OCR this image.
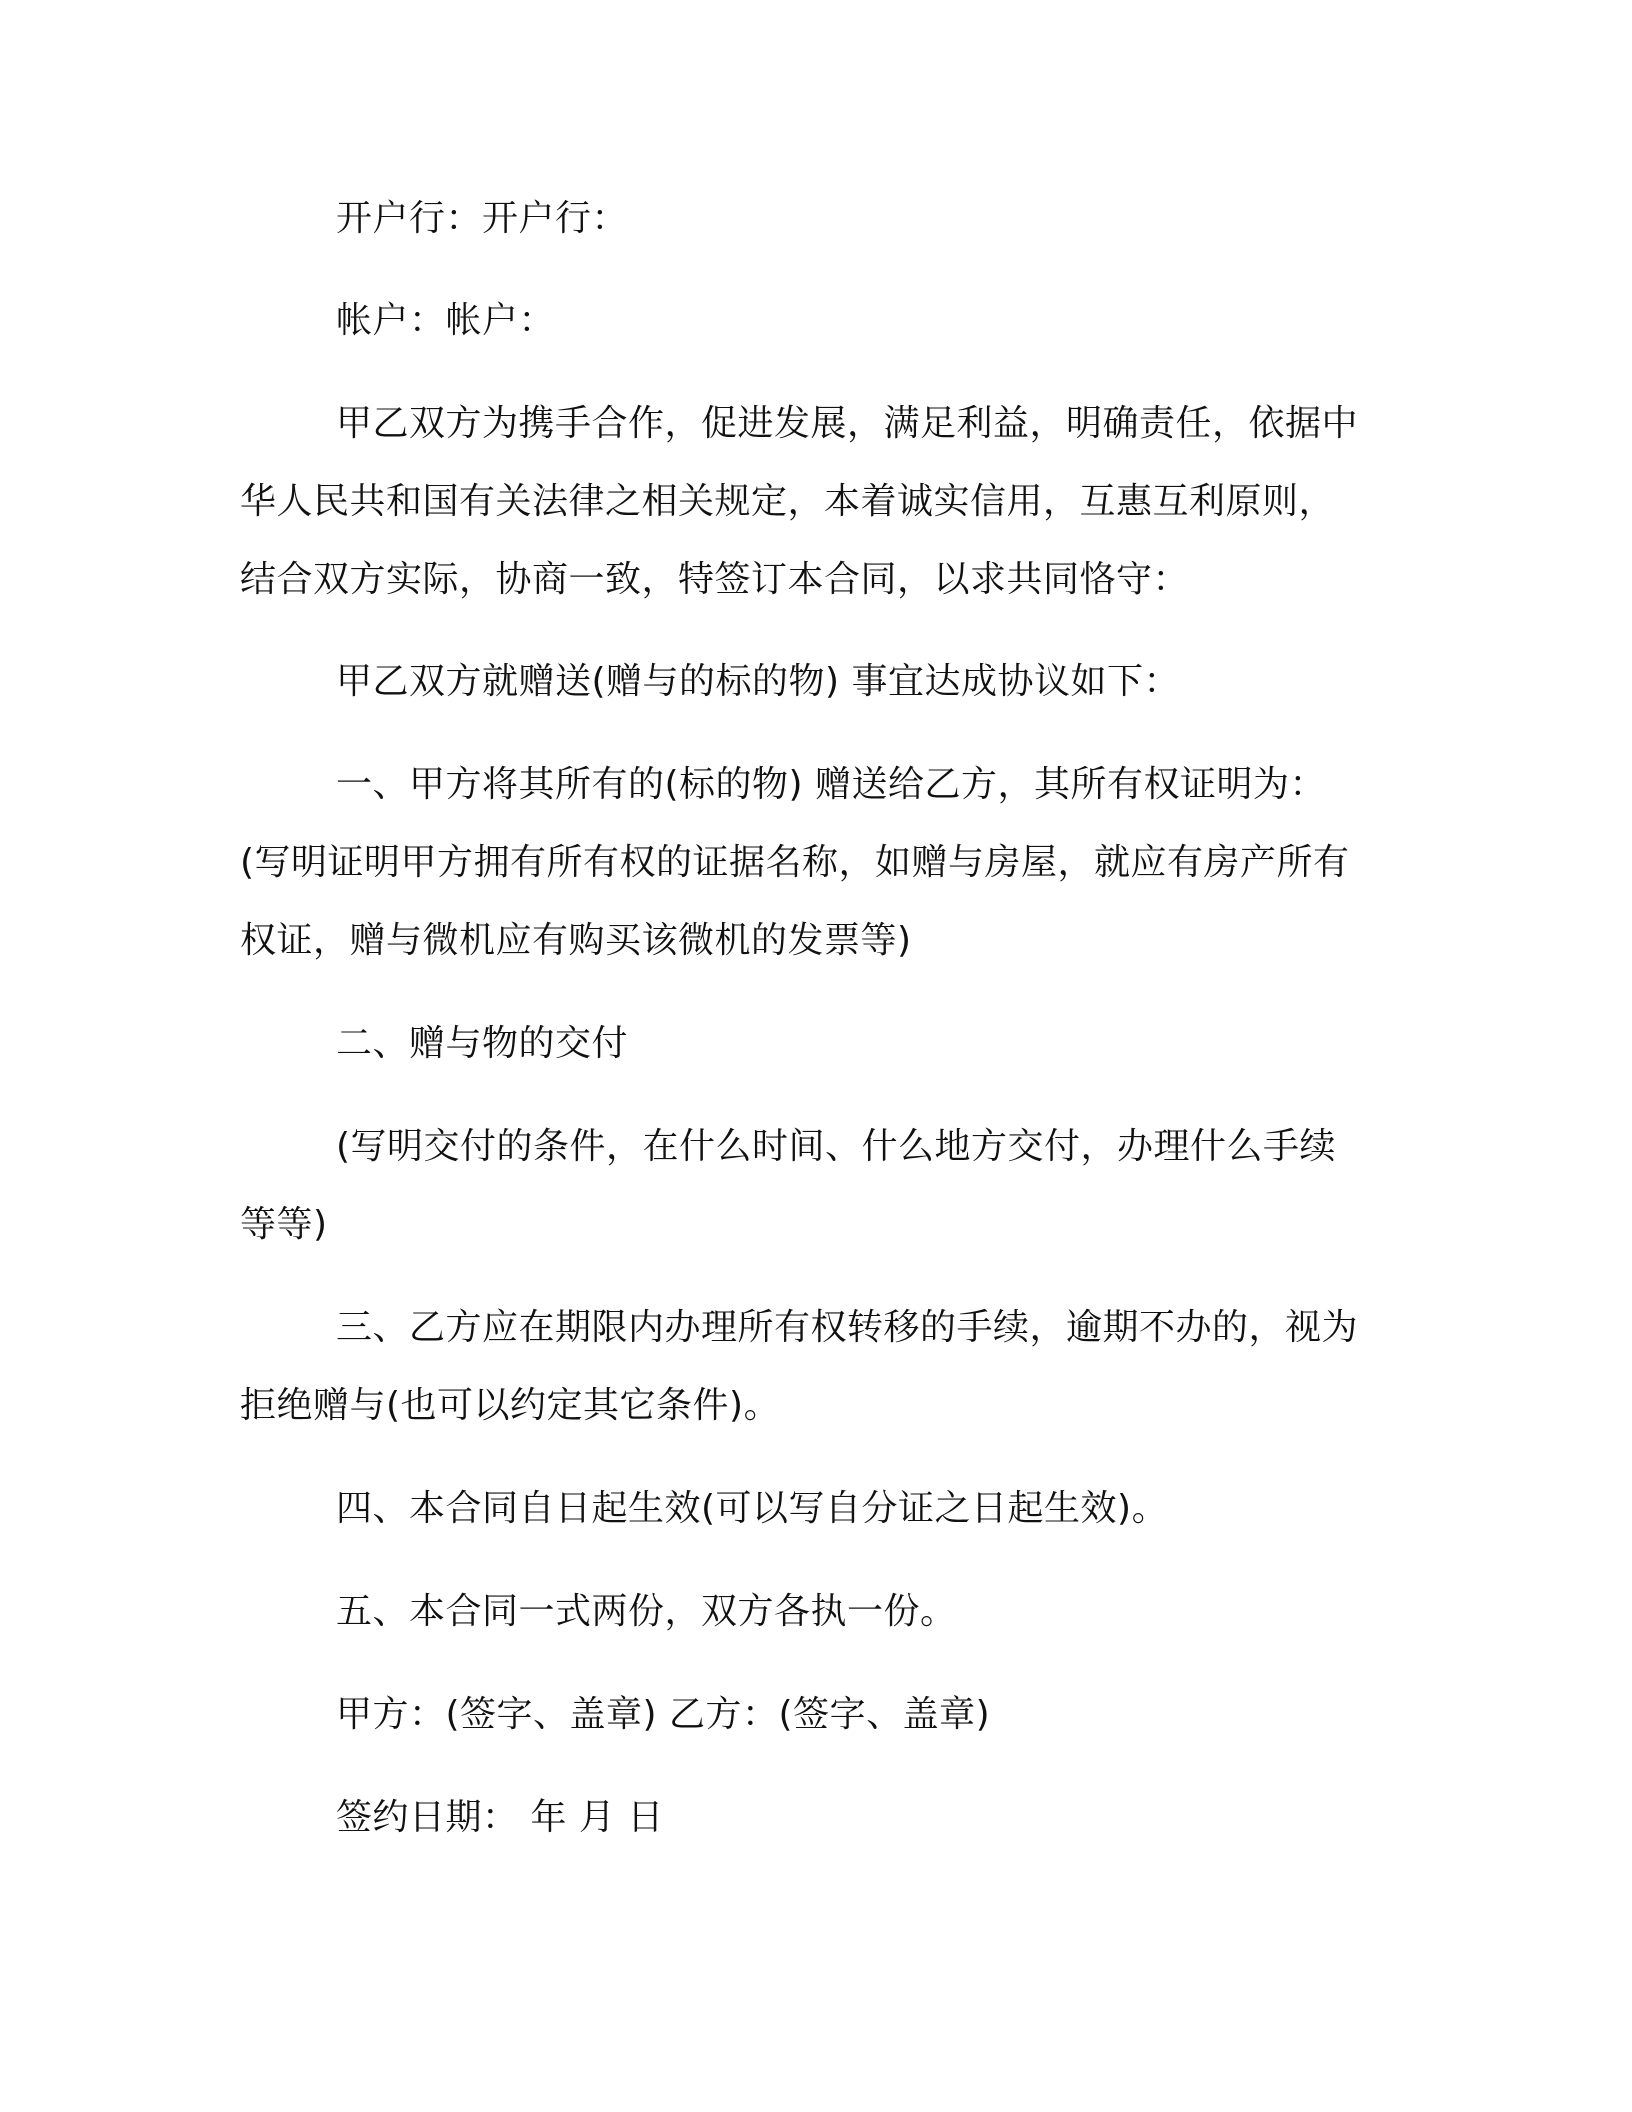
开户行：开户行：
帐户：帐户：
甲乙双方为携手合作，促进发展，满足利益，明确责任，依据中
华人民共和国有关法律之相关规定，本着诚实信用，互惠互利原则，
结合双方实际，协商一致，特签订本合同，以求共同恪守：
甲乙双方就赠送(赠与的标的物) 事宜达成协议如下：
一、甲方将其所有的(标的物) 赠送给乙方，其所有权证明为：
(写明证明甲方拥有所有权的证据名称，如赠与房屋，就应有房产所有
权证，赠与微机应有购买该微机的发票等)
二、赠与物的交付
(写明交付的条件，在什么时间、什么地方交付，办理什么手续
等等)
三、乙方应在期限内办理所有权转移的手续，逾期不办的，视为
拒绝赠与(也可以约定其它条件)。
四、本合同自日起生效(可以写自分证之日起生效)。
五、本合同一式两份，双方各执一份。
甲方：(签字、盖章) 乙方：(签字、盖章)
签约日期： 年 月 日
